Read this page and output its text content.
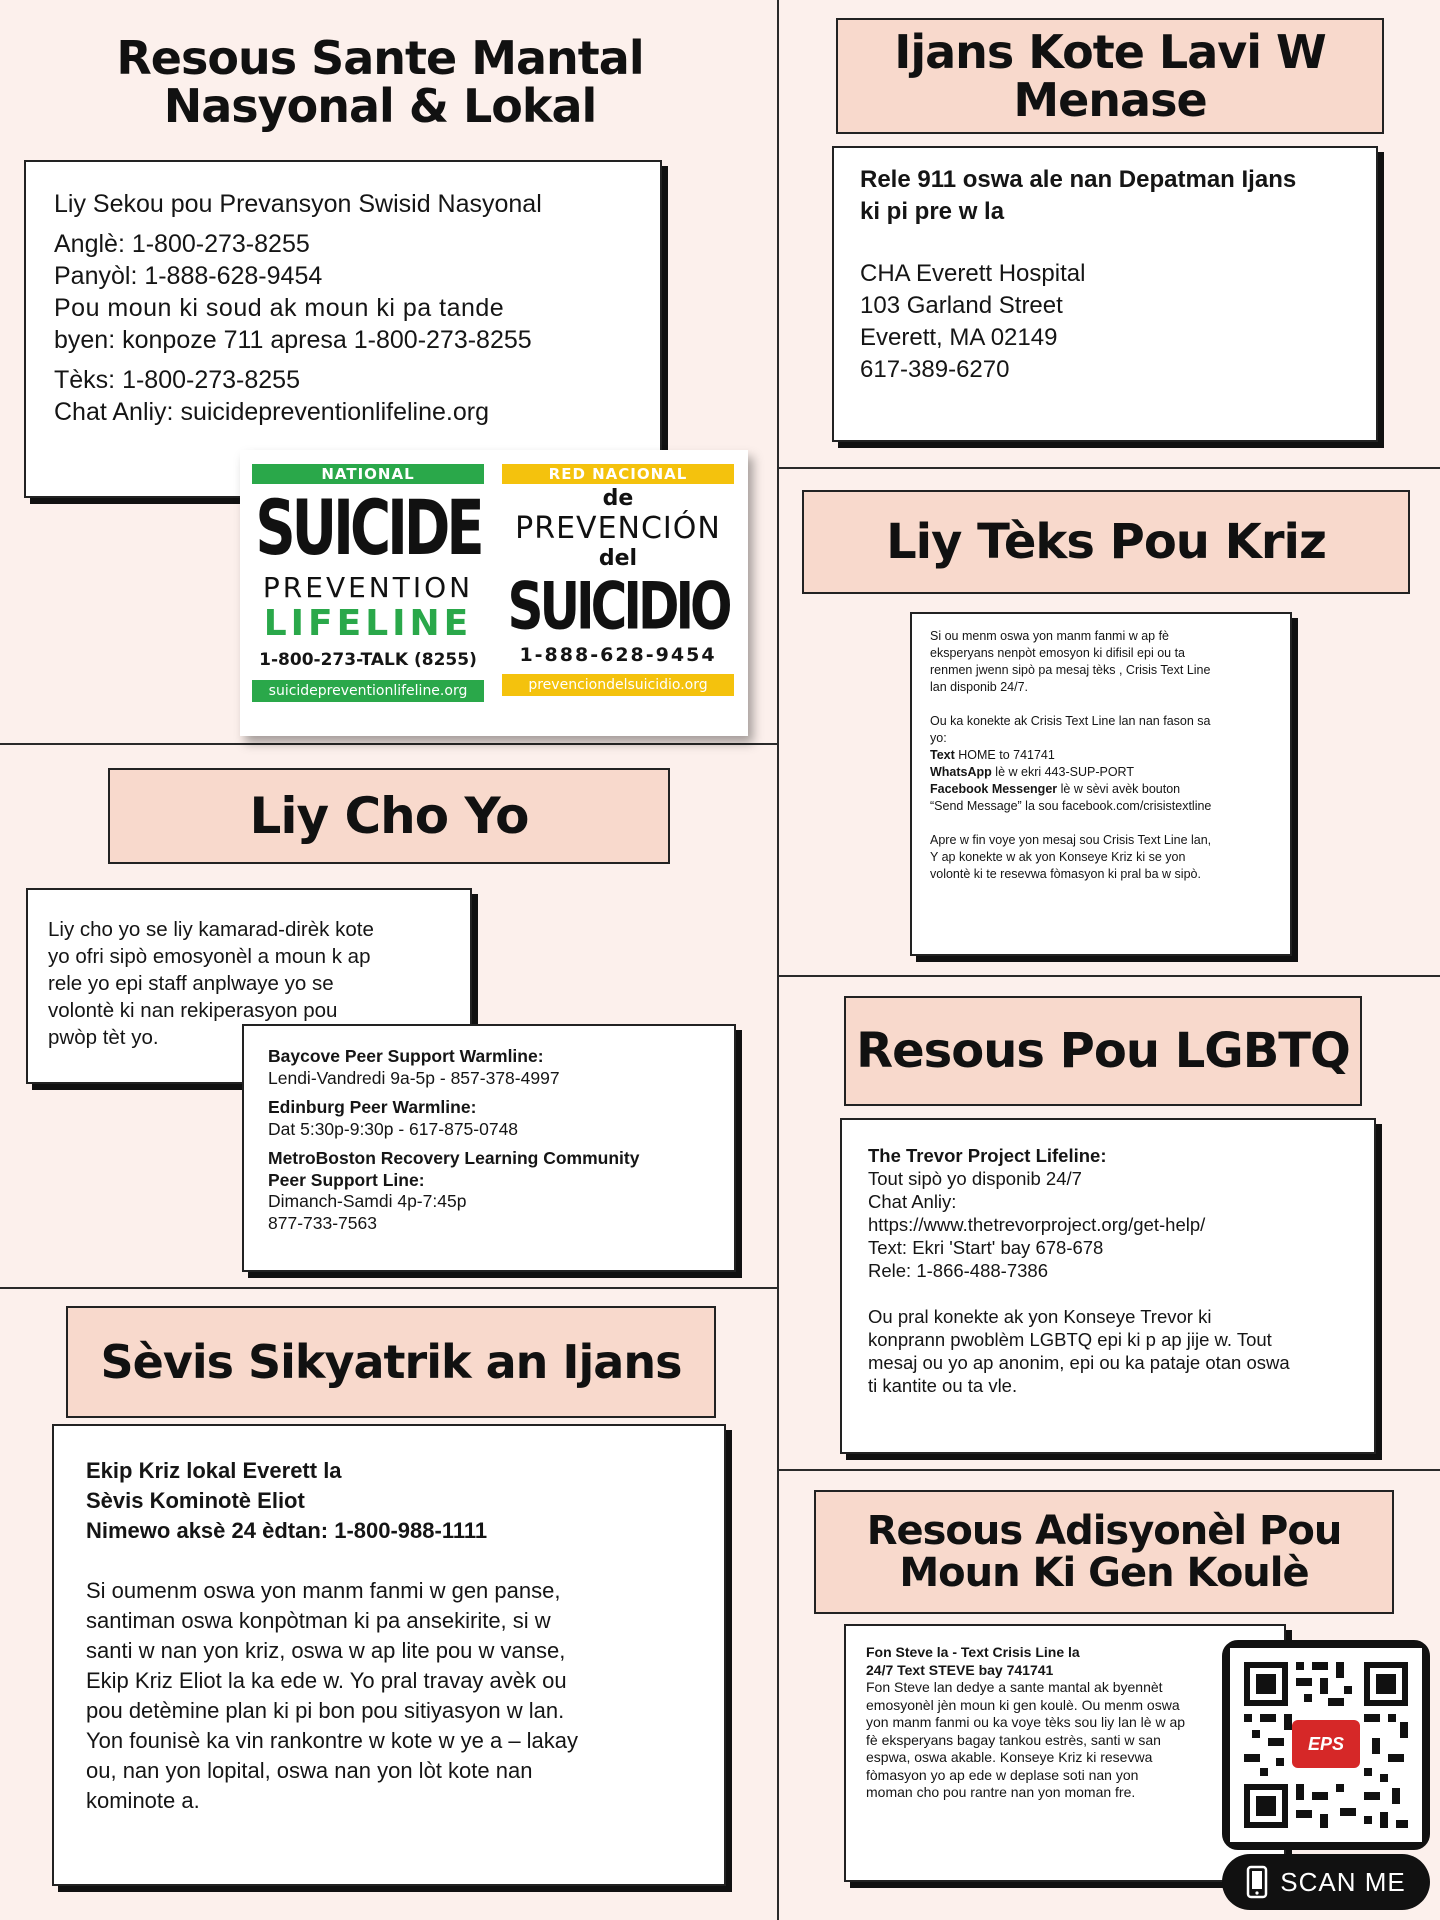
Resous Sante Mantal Nasyonal & Lokal
Liy Sekou pou Prevansyon Swisid Nasyonal
Anglè: 1-800-273-8255
Panyòl: 1-888-628-9454
Pou moun ki soud ak moun ki pa tande
byen: konpoze 711 apresa 1-800-273-8255
Tèks: 1-800-273-8255
Chat Anliy: suicidepreventionlifeline.org
NATIONAL
SUICIDE
PREVENTION
LIFELINE
1-800-273-TALK (8255)
suicidepreventionlifeline.org
RED NACIONAL
de
PREVENCIÓN
del
SUICIDIO
1-888-628-9454
prevenciondelsuicidio.org
Ijans Kote Lavi W Menase
Rele 911 oswa ale nan Depatman Ijans
ki pi pre w la
CHA Everett Hospital
103 Garland Street
Everett, MA 02149
617-389-6270
Liy Tèks Pou Kriz
Si ou menm oswa yon manm fanmi w ap fè
eksperyans nenpòt emosyon ki difisil epi ou ta
renmen jwenn sipò pa mesaj tèks , Crisis Text Line
lan disponib 24/7.
Ou ka konekte ak Crisis Text Line lan nan fason sa
yo:
Text HOME to 741741
WhatsApp lè w ekri 443-SUP-PORT
Facebook Messenger lè w sèvi avèk bouton
“Send Message” la sou facebook.com/crisistextline
Apre w fin voye yon mesaj sou Crisis Text Line lan,
Y ap konekte w ak yon Konseye Kriz ki se yon
volontè ki te resevwa fòmasyon ki pral ba w sipò.
Liy Cho Yo
Liy cho yo se liy kamarad-dirèk kote
yo ofri sipò emosyonèl a moun k ap
rele yo epi staff anplwaye yo se
volontè ki nan rekiperasyon pou
pwòp tèt yo.
Baycove Peer Support Warmline:
Lendi-Vandredi 9a-5p - 857-378-4997
Edinburg Peer Warmline:
Dat 5:30p-9:30p - 617-875-0748
MetroBoston Recovery Learning Community
Peer Support Line:
Dimanch-Samdi 4p-7:45p
877-733-7563
Resous Pou LGBTQ
The Trevor Project Lifeline:
Tout sipò yo disponib 24/7
Chat Anliy:
https://www.thetrevorproject.org/get-help/
Text: Ekri 'Start' bay 678-678
Rele: 1-866-488-7386
Ou pral konekte ak yon Konseye Trevor ki
konprann pwoblèm LGBTQ epi ki p ap jije w. Tout
mesaj ou yo ap anonim, epi ou ka pataje otan oswa
ti kantite ou ta vle.
Sèvis Sikyatrik an Ijans
Ekip Kriz lokal Everett la
Sèvis Kominotè Eliot
Nimewo aksè 24 èdtan: 1-800-988-1111
Si oumenm oswa yon manm fanmi w gen panse,
santiman oswa konpòtman ki pa ansekirite, si w
santi w nan yon kriz, oswa w ap lite pou w vanse,
Ekip Kriz Eliot la ka ede w. Yo pral travay avèk ou
pou detèmine plan ki pi bon pou sitiyasyon w lan.
Yon founisè ka vin rankontre w kote w ye a – lakay
ou, nan yon lopital, oswa nan yon lòt kote nan
kominote a.
Resous Adisyonèl Pou Moun Ki Gen Koulè
Fon Steve la - Text Crisis Line la
24/7 Text STEVE bay 741741
Fon Steve lan dedye a sante mantal ak byennèt
emosyonèl jèn moun ki gen koulè. Ou menm oswa
yon manm fanmi ou ka voye tèks sou liy lan lè w ap
fè eksperyans bagay tankou estrès, santi w san
espwa, oswa akable. Konseye Kriz ki resevwa
fòmasyon yo ap ede w deplase soti nan yon
moman cho pou rantre nan yon moman fre.
EPS
SCAN ME
